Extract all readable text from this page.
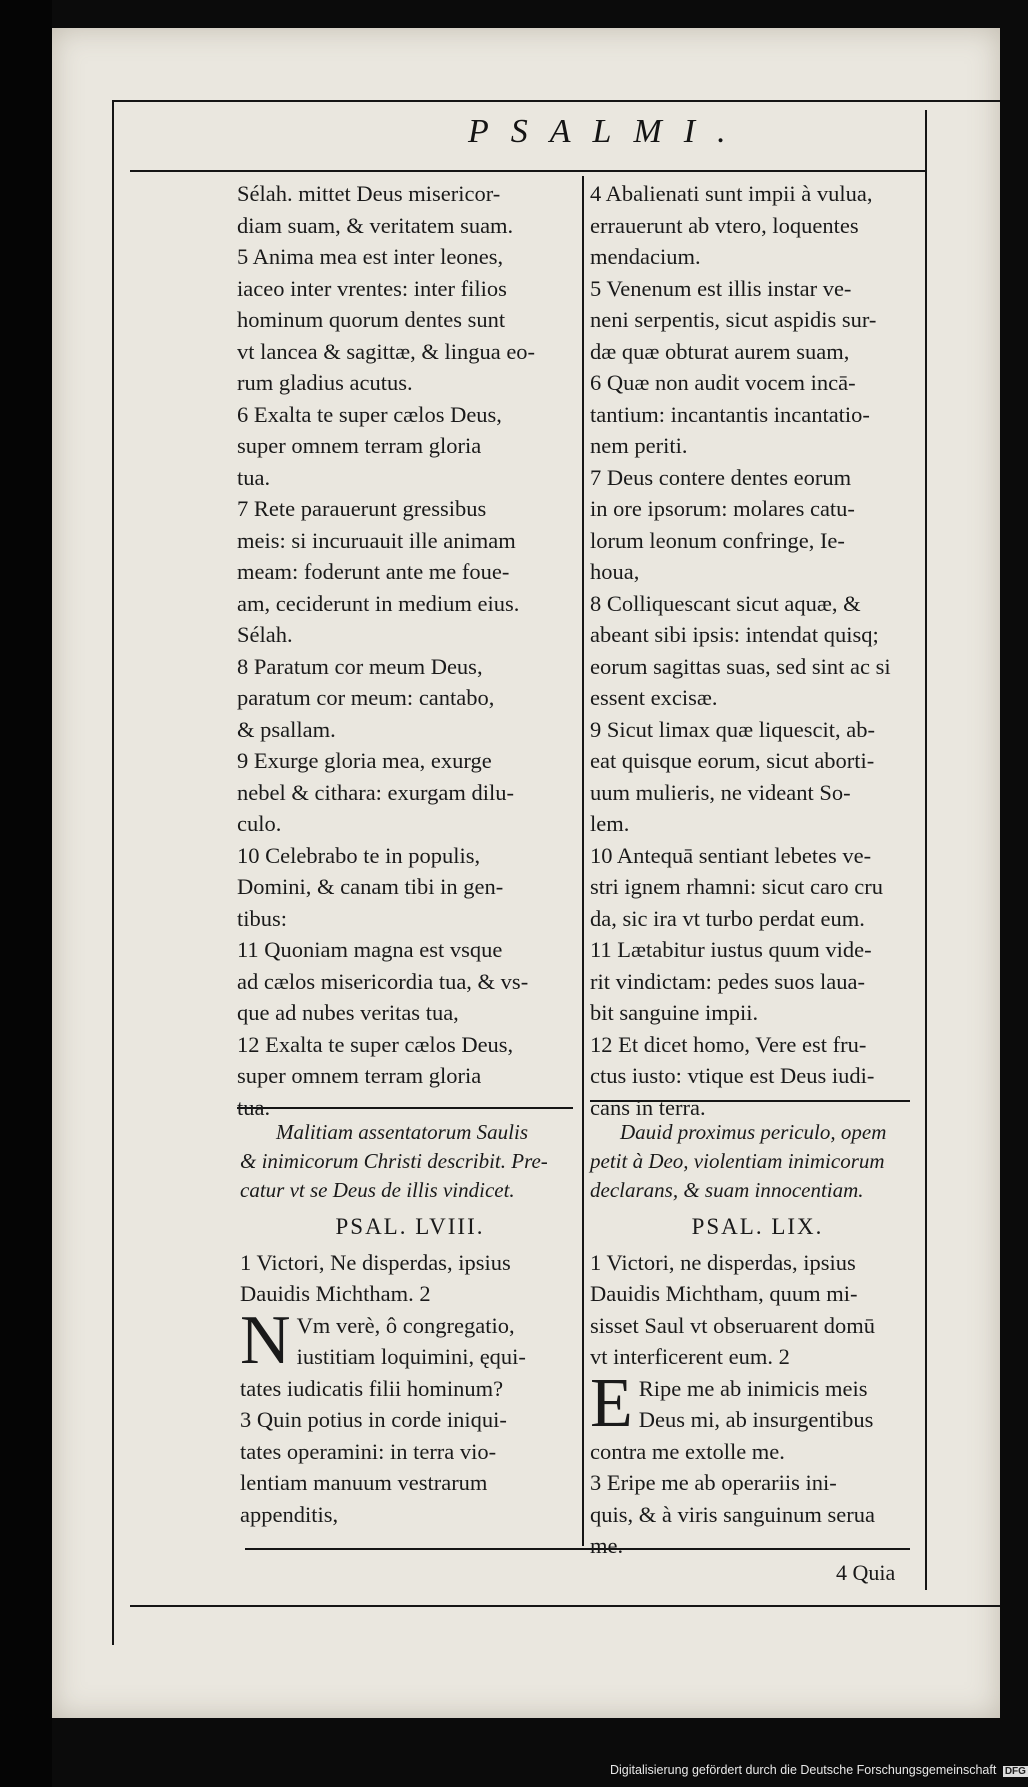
PSALMI.
Sélah. mittet Deus misericor-
diam suam, & veritatem suam.
5 Anima mea est inter leones,
iaceo inter vrentes: inter filios
hominum quorum dentes sunt
vt lancea & sagittæ, & lingua eo-
rum gladius acutus.
6 Exalta te super cælos Deus,
super omnem terram gloria
tua.
7 Rete parauerunt gressibus
meis: si incuruauit ille animam
meam: foderunt ante me foue-
am, ceciderunt in medium eius.
Sélah.
8 Paratum cor meum Deus,
paratum cor meum: cantabo,
& psallam.
9 Exurge gloria mea, exurge
nebel & cithara: exurgam dilu-
culo.
10 Celebrabo te in populis,
Domini, & canam tibi in gen-
tibus:
11 Quoniam magna est vsque
ad cælos misericordia tua, & vs-
que ad nubes veritas tua,
12 Exalta te super cælos Deus,
super omnem terram gloria
tua.
Malitiam assentatorum Saulis
& inimicorum Christi describit. Pre-
catur vt se Deus de illis vindicet.
PSAL. LVIII.
1 Victori, Ne disperdas, ipsius
Dauidis Michtham. 2
N Vm verè, ô congregatio,
iustitiam loquimini, ęqui-
tates iudicatis filii hominum?
3 Quin potius in corde iniqui-
tates operamini: in terra vio-
lentiam manuum vestrarum
appenditis,
4 Abalienati sunt impii à vulua,
errauerunt ab vtero, loquentes
mendacium.
5 Venenum est illis instar ve-
neni serpentis, sicut aspidis sur-
dæ quæ obturat aurem suam,
6 Quæ non audit vocem incā-
tantium: incantantis incantatio-
nem periti.
7 Deus contere dentes eorum
in ore ipsorum: molares catu-
lorum leonum confringe, Ie-
houa,
8 Colliquescant sicut aquæ, &
abeant sibi ipsis: intendat quisq;
eorum sagittas suas, sed sint ac si
essent excisæ.
9 Sicut limax quæ liquescit, ab-
eat quisque eorum, sicut aborti-
uum mulieris, ne videant So-
lem.
10 Antequā sentiant lebetes ve-
stri ignem rhamni: sicut caro cru
da, sic ira vt turbo perdat eum.
11 Lætabitur iustus quum vide-
rit vindictam: pedes suos laua-
bit sanguine impii.
12 Et dicet homo, Vere est fru-
ctus iusto: vtique est Deus iudi-
cans in terra.
Dauid proximus periculo, opem
petit à Deo, violentiam inimicorum
declarans, & suam innocentiam.
PSAL. LIX.
1 Victori, ne disperdas, ipsius
Dauidis Michtham, quum mi-
sisset Saul vt obseruarent domū
vt interficerent eum. 2
E Ripe me ab inimicis meis
Deus mi, ab insurgentibus
contra me extolle me.
3 Eripe me ab operariis ini-
quis, & à viris sanguinum serua
me.
4 Quia
Digitalisierung gefördert durch die Deutsche Forschungsgemeinschaft DFG
